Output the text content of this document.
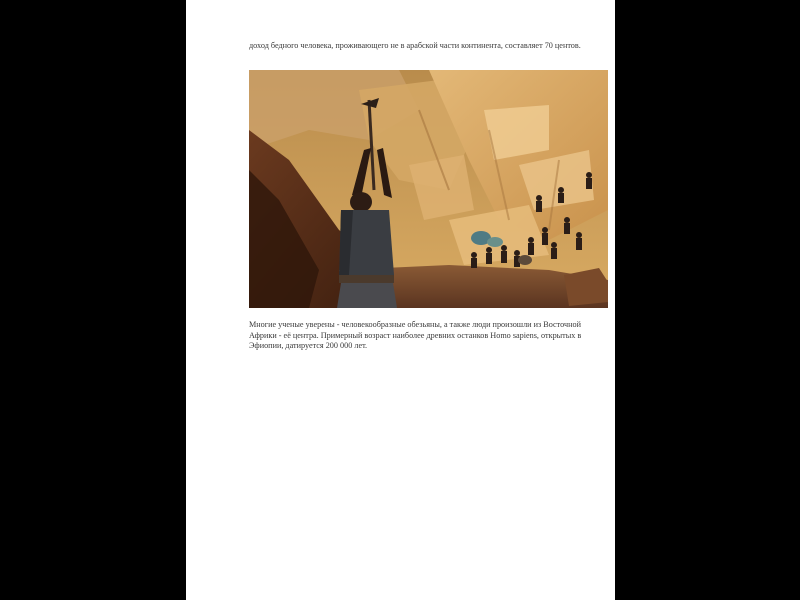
доход бедного человека, проживающего не в арабской части континента, составляет 70 центов.

Многие ученые уверены - человекообразные обезьяны, а также люди произошли из Восточной Африки - её центра. Примерный возраст наиболее древних останков Homo sapiens, открытых в Эфиопии, датируется 200 000 лет.
